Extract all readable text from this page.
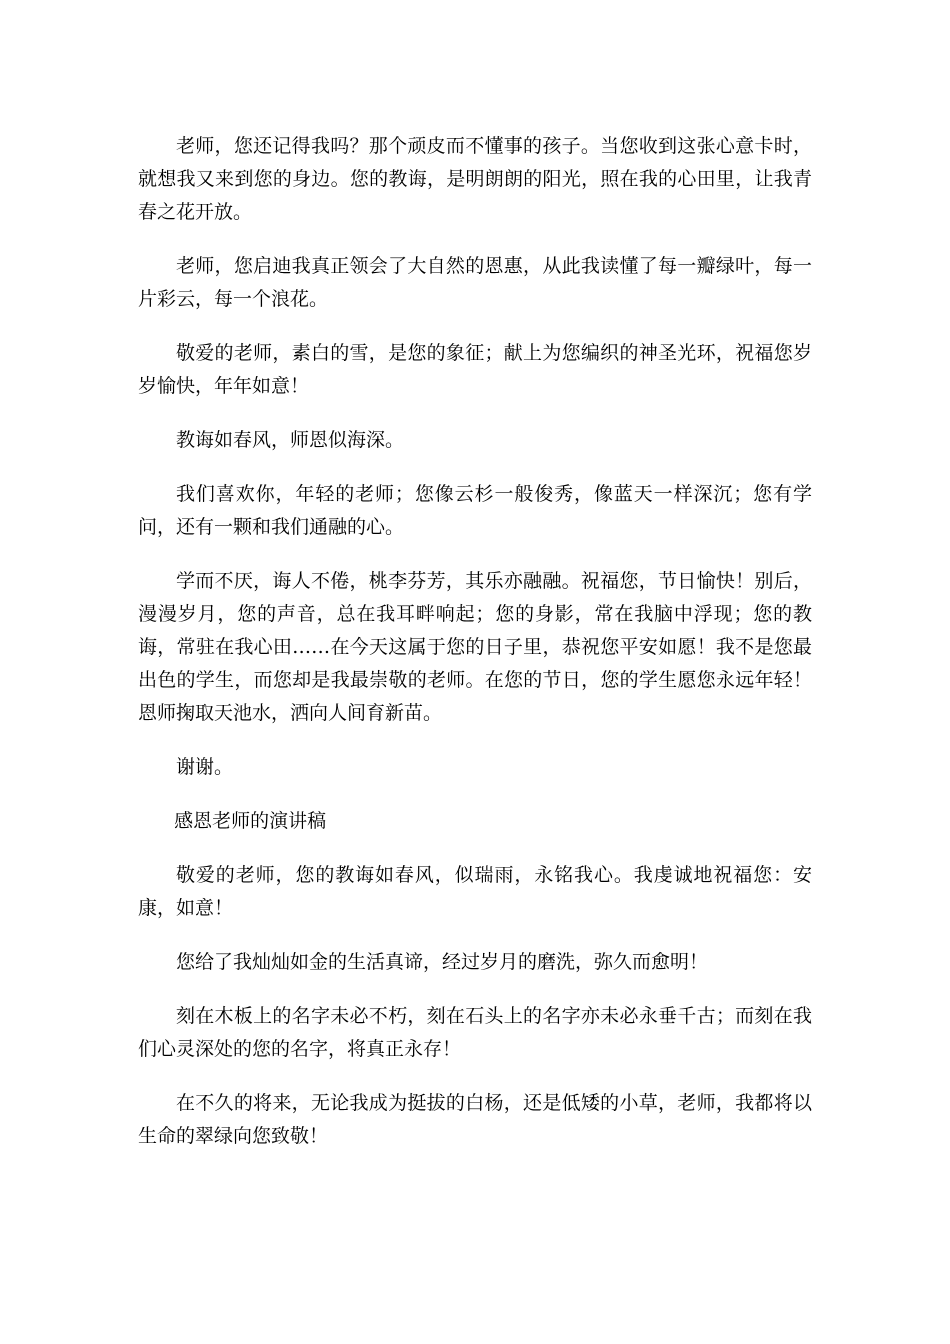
老师，您还记得我吗？那个顽皮而不懂事的孩子。当您收到这张心意卡时，就想我又来到您的身边。您的教诲，是明朗朗的阳光，照在我的心田里，让我青春之花开放。

老师，您启迪我真正领会了大自然的恩惠，从此我读懂了每一瓣绿叶，每一片彩云，每一个浪花。

敬爱的老师，素白的雪，是您的象征；献上为您编织的神圣光环，祝福您岁岁愉快，年年如意！

教诲如春风，师恩似海深。

我们喜欢你，年轻的老师；您像云杉一般俊秀，像蓝天一样深沉；您有学问，还有一颗和我们通融的心。

学而不厌，诲人不倦，桃李芬芳，其乐亦融融。祝福您，节日愉快！别后，漫漫岁月，您的声音，总在我耳畔响起；您的身影，常在我脑中浮现；您的教诲，常驻在我心田……在今天这属于您的日子里，恭祝您平安如愿！我不是您最出色的学生，而您却是我最崇敬的老师。在您的节日，您的学生愿您永远年轻！恩师掬取天池水，洒向人间育新苗。

谢谢。

感恩老师的演讲稿

敬爱的老师，您的教诲如春风，似瑞雨，永铭我心。我虔诚地祝福您：安康，如意！

您给了我灿灿如金的生活真谛，经过岁月的磨洗，弥久而愈明！

刻在木板上的名字未必不朽，刻在石头上的名字亦未必永垂千古；而刻在我们心灵深处的您的名字，将真正永存！

在不久的将来，无论我成为挺拔的白杨，还是低矮的小草，老师，我都将以生命的翠绿向您致敬！
